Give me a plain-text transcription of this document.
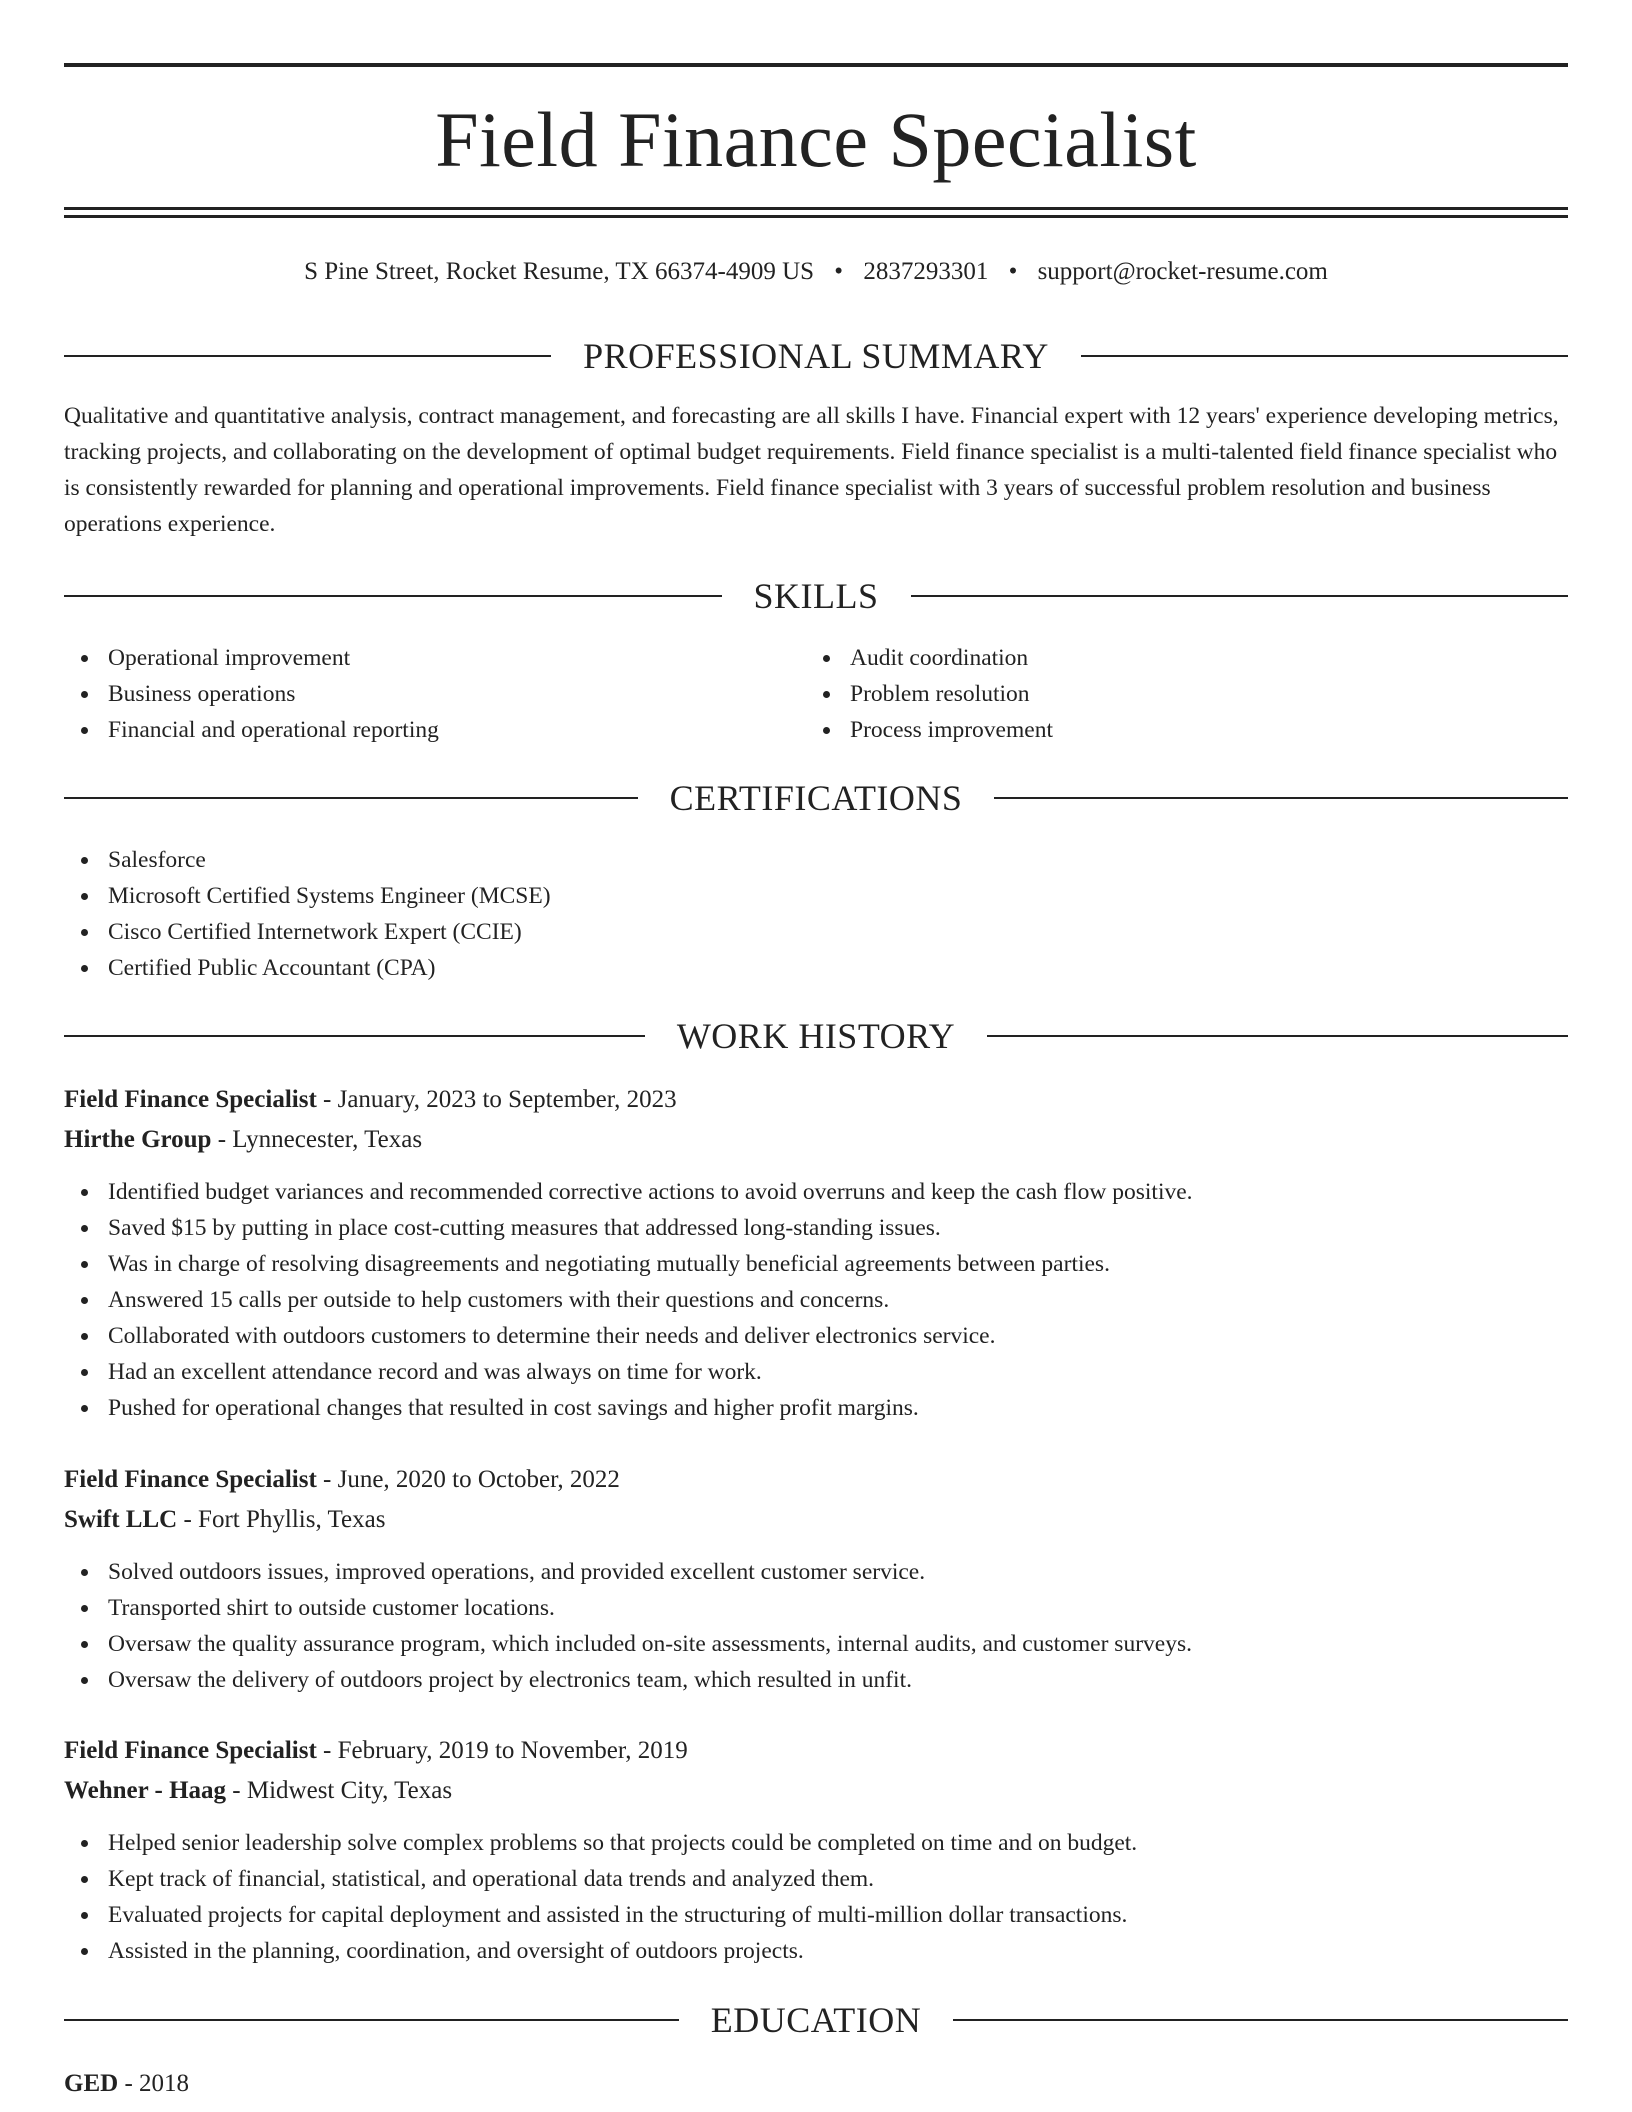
Field Finance Specialist
S Pine Street, Rocket Resume, TX 66374-4909 US • 2837293301 • support@rocket-resume.com
PROFESSIONAL SUMMARY

Qualitative and quantitative analysis, contract management, and forecasting are all skills I have. Financial expert with 12 years' experience developing metrics, tracking projects, and collaborating on the development of optimal budget requirements. Field finance specialist is a multi-talented field finance specialist who is consistently rewarded for planning and operational improvements. Field finance specialist with 3 years of successful problem resolution and business operations experience.

SKILLS
Operational improvement
Business operations
Financial and operational reporting
Audit coordination
Problem resolution
Process improvement
CERTIFICATIONS
Salesforce
Microsoft Certified Systems Engineer (MCSE)
Cisco Certified Internetwork Expert (CCIE)
Certified Public Accountant (CPA)
WORK HISTORY
Field Finance Specialist - January, 2023 to September, 2023
Hirthe Group - Lynnecester, Texas
Identified budget variances and recommended corrective actions to avoid overruns and keep the cash flow positive.
Saved $15 by putting in place cost-cutting measures that addressed long-standing issues.
Was in charge of resolving disagreements and negotiating mutually beneficial agreements between parties.
Answered 15 calls per outside to help customers with their questions and concerns.
Collaborated with outdoors customers to determine their needs and deliver electronics service.
Had an excellent attendance record and was always on time for work.
Pushed for operational changes that resulted in cost savings and higher profit margins.
Field Finance Specialist - June, 2020 to October, 2022
Swift LLC - Fort Phyllis, Texas
Solved outdoors issues, improved operations, and provided excellent customer service.
Transported shirt to outside customer locations.
Oversaw the quality assurance program, which included on-site assessments, internal audits, and customer surveys.
Oversaw the delivery of outdoors project by electronics team, which resulted in unfit.
Field Finance Specialist - February, 2019 to November, 2019
Wehner - Haag - Midwest City, Texas
Helped senior leadership solve complex problems so that projects could be completed on time and on budget.
Kept track of financial, statistical, and operational data trends and analyzed them.
Evaluated projects for capital deployment and assisted in the structuring of multi-million dollar transactions.
Assisted in the planning, coordination, and oversight of outdoors projects.
EDUCATION
GED - 2018
